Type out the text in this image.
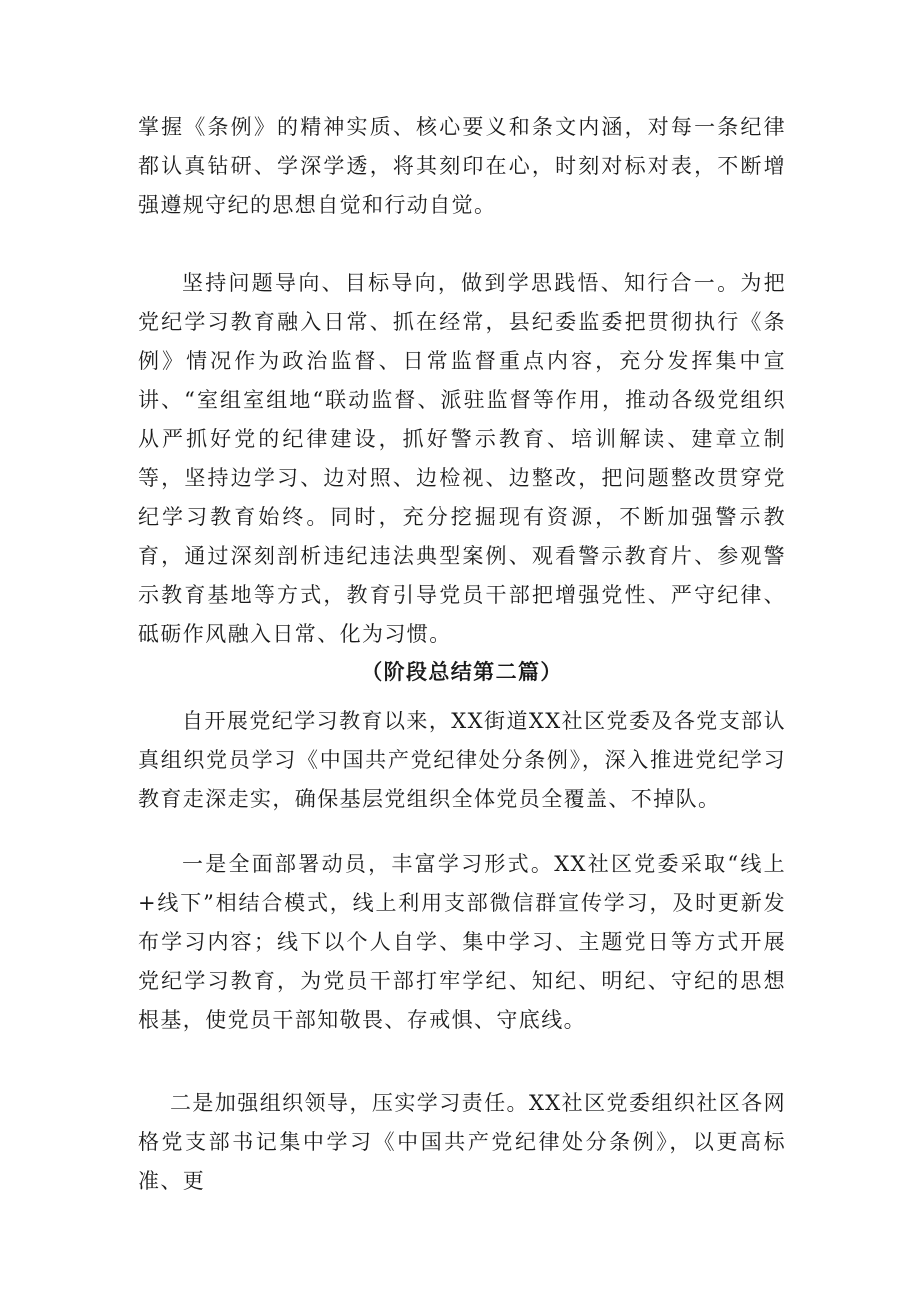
掌握《条例》的精神实质、核心要义和条文内涵，对每一条纪律都认真钻研、学深学透，将其刻印在心，时刻对标对表，不断增强遵规守纪的思想自觉和行动自觉。

坚持问题导向、目标导向，做到学思践悟、知行合一。为把党纪学习教育融入日常、抓在经常，县纪委监委把贯彻执行《条例》情况作为政治监督、日常监督重点内容，充分发挥集中宣讲、“室组室组地“联动监督、派驻监督等作用，推动各级党组织从严抓好党的纪律建设，抓好警示教育、培训解读、建章立制等，坚持边学习、边对照、边检视、边整改，把问题整改贯穿党纪学习教育始终。同时，充分挖掘现有资源，不断加强警示教育，通过深刻剖析违纪违法典型案例、观看警示教育片、参观警示教育基地等方式，教育引导党员干部把增强党性、严守纪律、砥砺作风融入日常、化为习惯。

（阶段总结第二篇）

自开展党纪学习教育以来，XX街道XX社区党委及各党支部认真组织党员学习《中国共产党纪律处分条例》，深入推进党纪学习教育走深走实，确保基层党组织全体党员全覆盖、不掉队。

一是全面部署动员，丰富学习形式。XX社区党委采取“线上+线下”相结合模式，线上利用支部微信群宣传学习，及时更新发布学习内容；线下以个人自学、集中学习、主题党日等方式开展党纪学习教育，为党员干部打牢学纪、知纪、明纪、守纪的思想根基，使党员干部知敬畏、存戒惧、守底线。

二是加强组织领导，压实学习责任。XX社区党委组织社区各网格党支部书记集中学习《中国共产党纪律处分条例》，以更高标准、更
